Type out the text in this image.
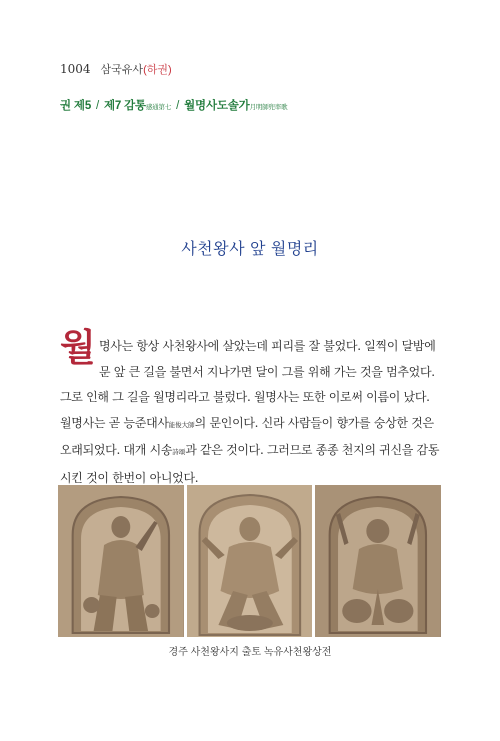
1004 삼국유사(하권)
권 제5 / 제7 감통感通第七 / 월명사도솔가月明師兜率歌
사천왕사 앞 월명리
월 명사는 항상 사천왕사에 살았는데 피리를 잘 불었다. 일찍이 달밤에
문 앞 큰 길을 불면서 지나가면 달이 그를 위해 가는 것을 멈추었다.
그로 인해 그 길을 월명리라고 불렀다. 월명사는 또한 이로써 이름이 났다.
월명사는 곧 능준대사能俊大師의 문인이다. 신라 사람들이 향가를 숭상한 것은
오래되었다. 대개 시송詩頌과 같은 것이다. 그러므로 종종 천지의 귀신을 감동
시킨 것이 한번이 아니었다.
경주 사천왕사지 출토 녹유사천왕상전
